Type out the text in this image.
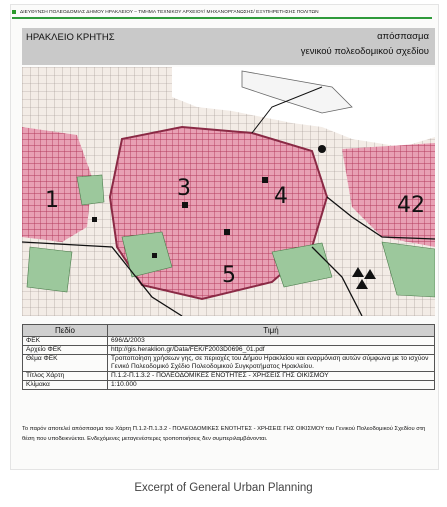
ΔΙΕΥΘΥΝΣΗ ΠΟΛΕΟΔΟΜΙΑΣ ΔΗΜΟΥ ΗΡΑΚΛΕΙΟΥ – ΤΜΗΜΑ ΤΕΧΝΙΚΟΥ ΑΡΧΕΙΟΥ/ ΜΗΧΑΝΟΡΓΑΝΩΣΗΣ/ ΕΞΥΠΗΡΕΤΗΣΗΣ ΠΟΛΙΤΩΝ
ΗΡΑΚΛΕΙΟ ΚΡΗΤΗΣ	απόσπασμα
γενικού πολεοδομικού σχεδίου
1	3	4
5
42
Πεδίο	Τιμή
ΦΕΚ	696/Δ/2003
Αρχείο ΦΕΚ	http://gis.heraklion.gr/Data/FEK/F2003D0696_01.pdf
Θέμα ΦΕΚ	Τροποποίηση χρήσεων γης, σε περιοχές του Δήμου Ηρακλείου και εναρμόνιση αυτών σύμφωνα με το ισχύον Γενικό Πολεοδομικό Σχέδιο Πολεοδομικού Συγκροτήματος Ηρακλείου.
Τίτλος Χάρτη	Π.1.2-Π.1.3.2 - ΠΟΛΕΟΔΟΜΙΚΕΣ ΕΝΟΤΗΤΕΣ - ΧΡΗΣΕΙΣ ΓΗΣ ΟΙΚΙΣΜΟΥ
Κλίμακα	1:10.000
Το παρόν αποτελεί απόσπασμα του Χάρτη Π.1.2-Π.1.3.2 - ΠΟΛΕΟΔΟΜΙΚΕΣ ΕΝΟΤΗΤΕΣ - ΧΡΗΣΕΙΣ ΓΗΣ ΟΙΚΙΣΜΟΥ του Γενικού Πολεοδομικού Σχεδίου στη θέση που υποδεικνύεται. Ενδεχόμενες μεταγενέστερες τροποποιήσεις δεν συμπεριλαμβάνονται.
Excerpt of General Urban Planning
